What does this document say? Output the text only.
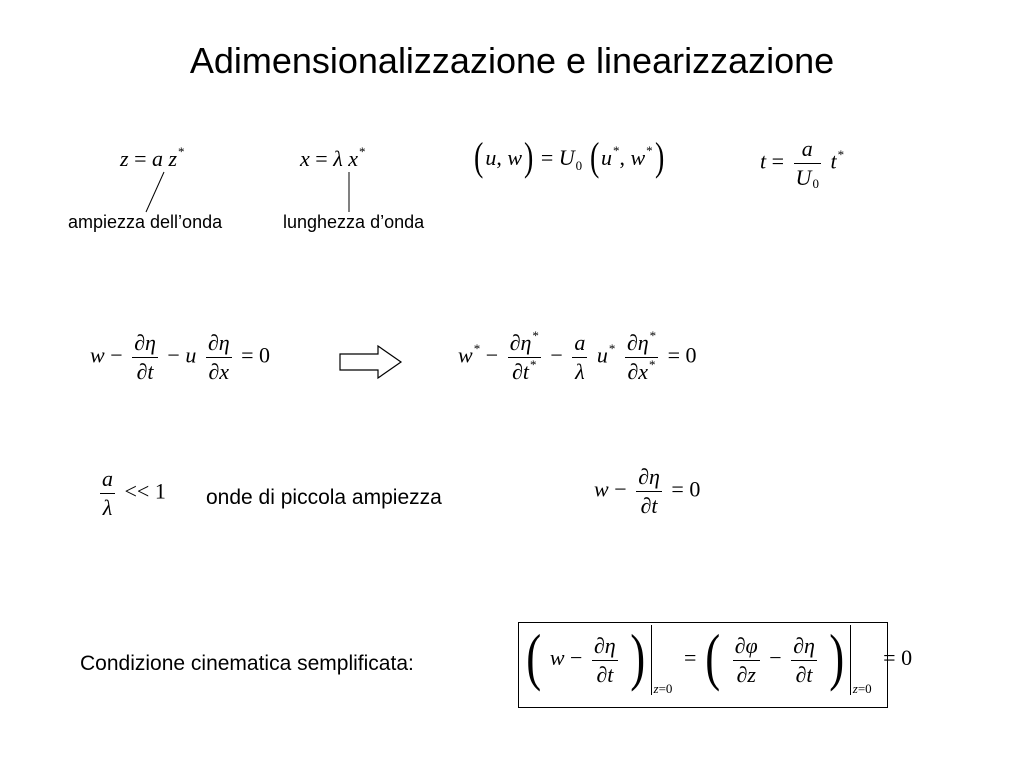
Adimensionalizzazione e linearizzazione
z = a z*
ampiezza dell’onda
x = λ x*
lunghezza d’onda
(u, $w) = U_0$ (u*, w*)	$t = \frac{a}{U0} t^*$
$w - \frac{\partial\eta}{\partial t} - u \frac{\partial\eta}{\partial x} = 0$	$w^* - \frac{\partial\eta^*}{\partial t^*} - \frac{a}{\lambda} u^* \frac{\partial\eta^*}{\partial x^*} = 0$
$\frac{a}{\lambda} << 1$ onde di piccola ampiezza	$w - \frac{\partial\eta}{\partial t} = 0$
Condizione cinematica semplificata: ( $w - \frac{\partial\eta}{\partial t}$ ) $_{z=0}$ = ( $\frac{\partial\varphi}{\partial z} - \frac{\partial\eta}{\partial t}$ ) $_{z=0}$ = 0
